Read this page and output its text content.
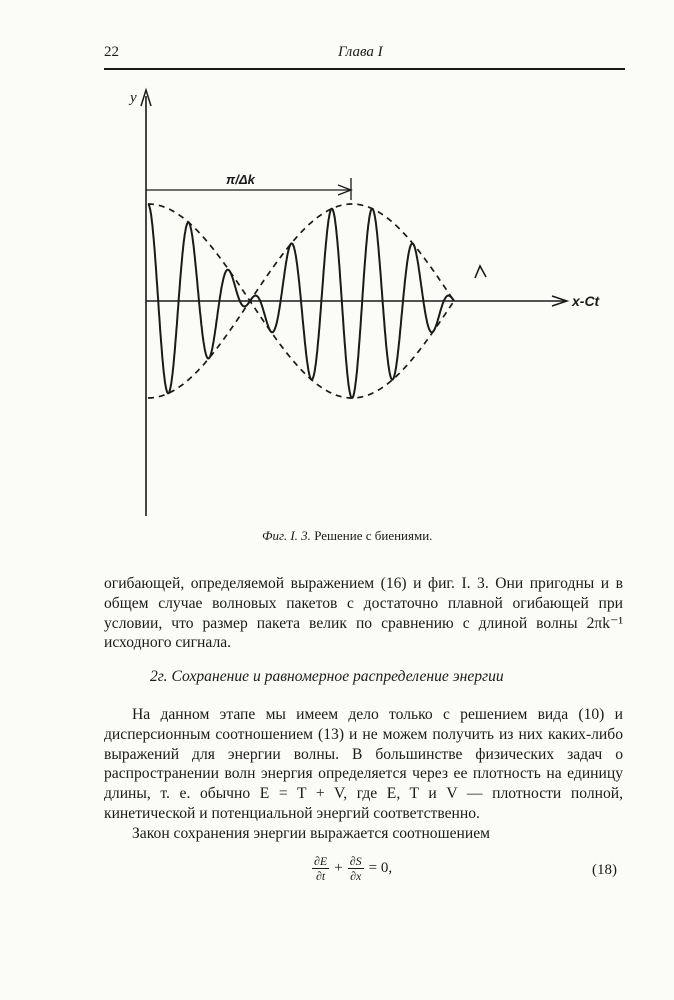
22	Глава I
y
x-Ct
π/Δk
Фиг. I. 3. Решение с биениями.

огибающей, определяемой выражением (16) и фиг. I. 3. Они пригодны и в общем случае волновых пакетов с достаточно плавной огибающей при условии, что размер пакета велик по сравнению с длиной волны 2πk⁻¹ исходного сигнала.

2г. Сохранение и равномерное распределение энергии

На данном этапе мы имеем дело только с решением вида (10) и дисперсионным соотношением (13) и не можем получить из них каких-либо выражений для энергии волны. В большинстве физических задач о распространении волн энергия определяется через ее плотность на единицу длины, т. е. обычно E = T + V, где E, T и V — плотности полной, кинетической и потенциальной энергий соответственно.

Закон сохранения энергии выражается соотношением

$\frac{\partial E}{\partial t} + \frac{\partial S}{\partial x} = 0$,	(18)
